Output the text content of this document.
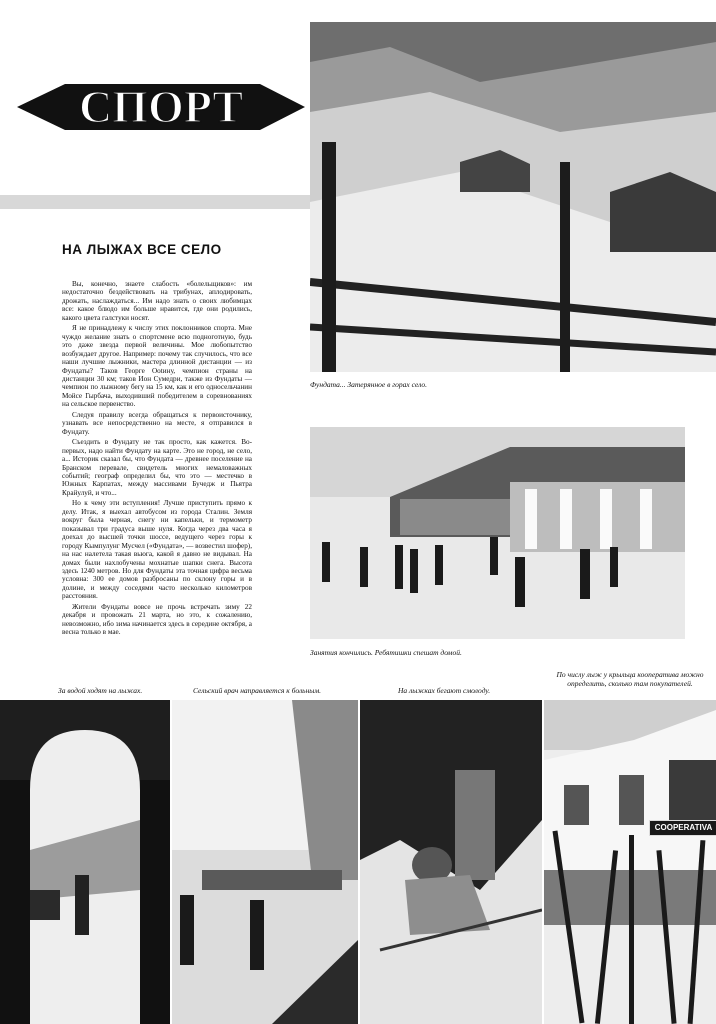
СПОРТ
НА ЛЫЖАХ ВСЕ СЕЛО

Вы, конечно, знаете слабость «болельщиков»: им недостаточно бездействовать на трибунах, аплодировать, дрожать, наслаждаться... Им надо знать о своих любимцах все: какое блюдо им больше нравится, где они родились, какого цвета галстуки носят.

Я не принадлежу к числу этих поклонников спорта. Мне чуждо желание знать о спортсмене всю подноготную, будь это даже звезда первой величины. Мое любопытство возбуждает другое. Например: почему так случилось, что все наши лучшие лыжники, мастера длинной дистанции — из Фундаты? Таков Георге Ootину, чемпион страны на дистанции 30 км; таков Ион Сумедри, также из Фундаты — чемпион по лыжному бегу на 15 км, как и его односельчанин Мойсе Гырбача, выходивший победителем в соревнованиях на сельское первенство.

Следуя правилу всегда обращаться к первоисточнику, узнавать все непосредственно на месте, я отправился в Фундату.

Съездить в Фундату не так просто, как кажется. Во-первых, надо найти Фундату на карте. Это не город, не село, а... Историк сказал бы, что Фундата — древнее поселение на Бранском перевале, свидетель многих немаловажных событий; географ определил бы, что это — местечко в Южных Карпатах, между массивами Бучедж и Пьятра Крайулуй, и что...

Но к чему эти вступления! Лучше приступить прямо к делу. Итак, я выехал автобусом из города Сталин. Земля вокруг была черная, снегу ни капельки, и термометр показывал три градуса выше нуля. Когда через два часа я доехал до высшей точки шоссе, ведущего через горы к городу Кымпулунг Мусчел («Фундата», — возвестил шофер), на нас налетела такая вьюга, какой я давно не видывал. На домах были нахлобучены мохнатые шапки снега. Высота здесь 1240 метров. Но для Фундаты эта точная цифра весьма условна: 300 ее домов разбросаны по склону горы и в долине, и между соседями часто несколько километров расстояния.

Жители Фундаты вовсе не прочь встречать зиму 22 декабря и провожать 21 марта, но это, к сожалению, невозможно, ибо зима начинается здесь в середине октября, а весна только в мае.

Фундата... Затерянное в горах село.
Занятия кончились. Ребятишки спешат домой.
За водой ходят на лыжах.	Сельский врач направляется к больным.	На лыжках бегают смолоду.
По числу лыж у крыльца кооператива можно определить, сколько там покупателей.
COOPERATIVA
